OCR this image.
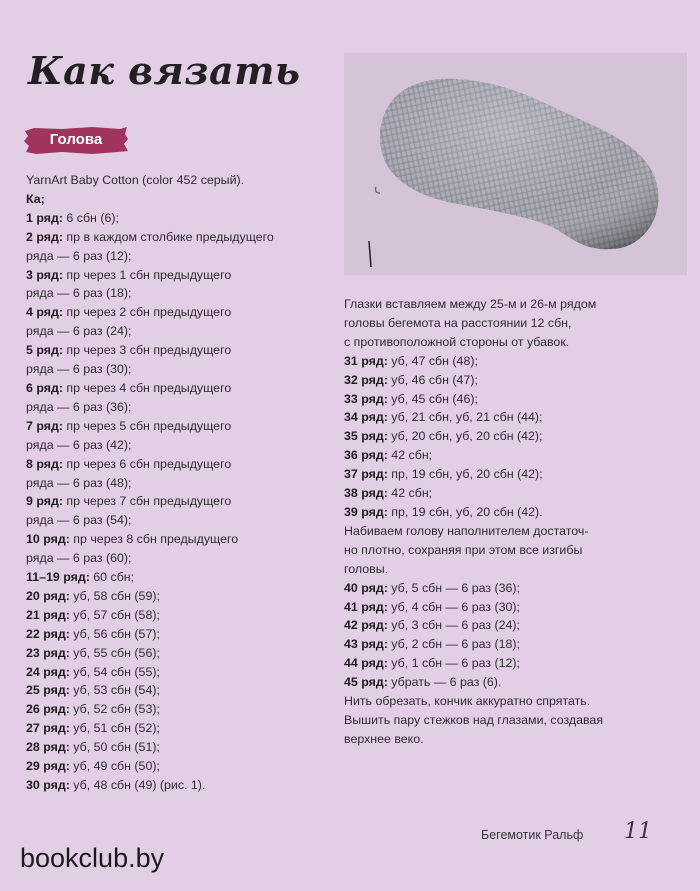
Как вязать
Голова
YarnArt Baby Cotton (color 452 серый).
Ка;
1 ряд: 6 сбн (6);
2 ряд: пр в каждом столбике предыдущего
ряда — 6 раз (12);
3 ряд: пр через 1 сбн предыдущего
ряда — 6 раз (18);
4 ряд: пр через 2 сбн предыдущего
ряда — 6 раз (24);
5 ряд: пр через 3 сбн предыдущего
ряда — 6 раз (30);
6 ряд: пр через 4 сбн предыдущего
ряда — 6 раз (36);
7 ряд: пр через 5 сбн предыдущего
ряда — 6 раз (42);
8 ряд: пр через 6 сбн предыдущего
ряда — 6 раз (48);
9 ряд: пр через 7 сбн предыдущего
ряда — 6 раз (54);
10 ряд: пр через 8 сбн предыдущего
ряда — 6 раз (60);
11–19 ряд: 60 сбн;
20 ряд: уб, 58 сбн (59);
21 ряд: уб, 57 сбн (58);
22 ряд: уб, 56 сбн (57);
23 ряд: уб, 55 сбн (56);
24 ряд: уб, 54 сбн (55);
25 ряд: уб, 53 сбн (54);
26 ряд: уб, 52 сбн (53);
27 ряд: уб, 51 сбн (52);
28 ряд: уб, 50 сбн (51);
29 ряд: уб, 49 сбн (50);
30 ряд: уб, 48 сбн (49) (рис. 1).
Глазки вставляем между 25-м и 26-м рядом
головы бегемота на расстоянии 12 сбн,
с противоположной стороны от убавок.
31 ряд: уб, 47 сбн (48);
32 ряд: уб, 46 сбн (47);
33 ряд: уб, 45 сбн (46);
34 ряд: уб, 21 сбн, уб, 21 сбн (44);
35 ряд: уб, 20 сбн, уб, 20 сбн (42);
36 ряд: 42 сбн;
37 ряд: пр, 19 сбн, уб, 20 сбн (42);
38 ряд: 42 сбн;
39 ряд: пр, 19 сбн, уб, 20 сбн (42).
Набиваем голову наполнителем достаточ-
но плотно, сохраняя при этом все изгибы
головы.
40 ряд: уб, 5 сбн — 6 раз (36);
41 ряд: уб, 4 сбн — 6 раз (30);
42 ряд: уб, 3 сбн — 6 раз (24);
43 ряд: уб, 2 сбн — 6 раз (18);
44 ряд: уб, 1 сбн — 6 раз (12);
45 ряд: убрать — 6 раз (6).
Нить обрезать, кончик аккуратно спрятать.
Вышить пару стежков над глазами, создавая
верхнее веко.
Бегемотик Ральф 11
bookclub.by
